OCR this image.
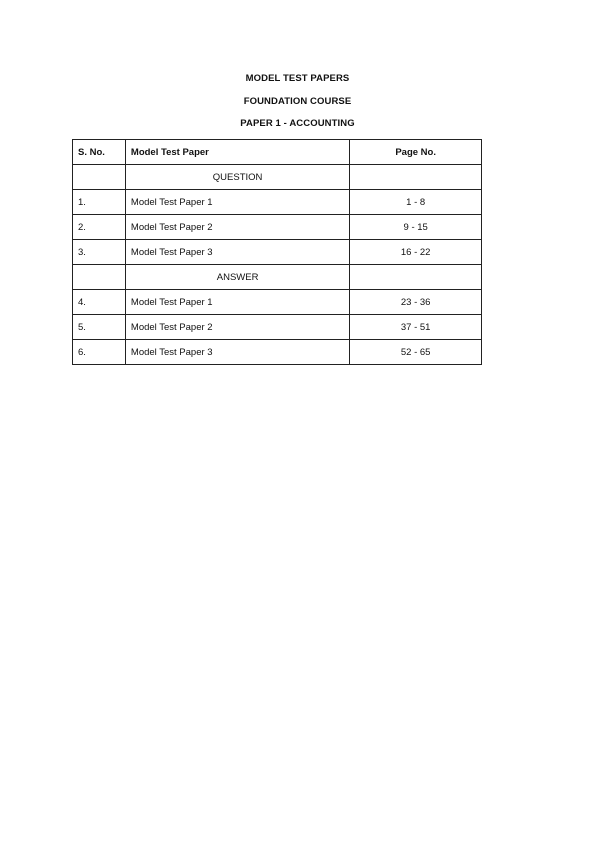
MODEL TEST PAPERS
FOUNDATION COURSE
PAPER 1 - ACCOUNTING
S. No.	Model Test Paper	Page No.
	QUESTION	
1.	Model Test Paper 1	1 - 8
2.	Model Test Paper 2	9 - 15
3.	Model Test Paper 3	16 - 22
	ANSWER	
4.	Model Test Paper 1	23 - 36
5.	Model Test Paper 2	37 - 51
6.	Model Test Paper 3	52 - 65
